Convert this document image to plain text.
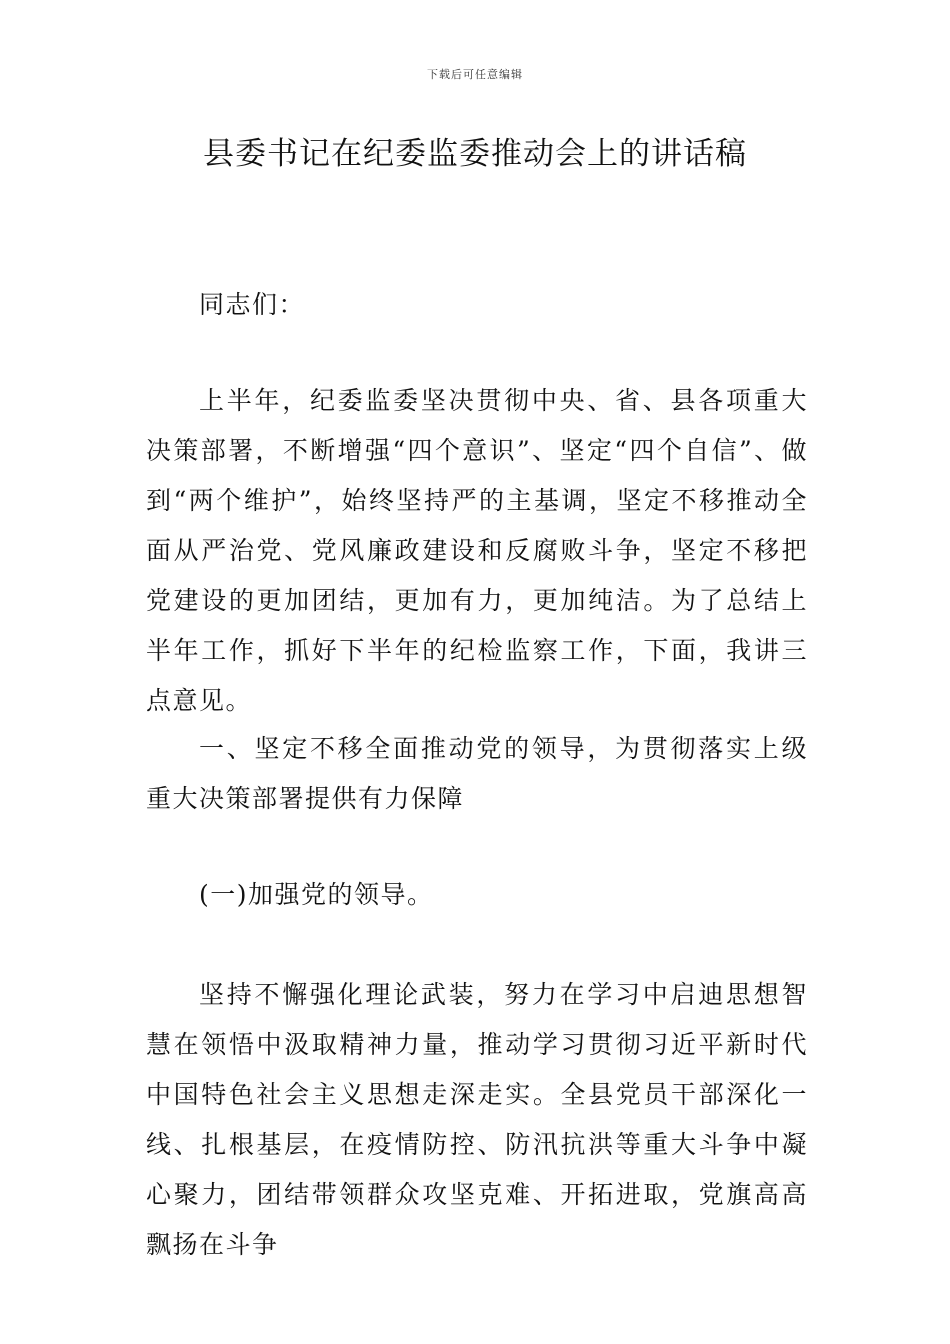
下载后可任意编辑
县委书记在纪委监委推动会上的讲话稿

同志们：

上半年，纪委监委坚决贯彻中央、省、县各项重大决策部署，不断增强“四个意识”、坚定“四个自信”、做到“两个维护”，始终坚持严的主基调，坚定不移推动全面从严治党、党风廉政建设和反腐败斗争，坚定不移把党建设的更加团结，更加有力，更加纯洁。为了总结上半年工作，抓好下半年的纪检监察工作，下面，我讲三点意见。

一、坚定不移全面推动党的领导，为贯彻落实上级重大决策部署提供有力保障

(一)加强党的领导。

坚持不懈强化理论武装，努力在学习中启迪思想智慧在领悟中汲取精神力量，推动学习贯彻习近平新时代中国特色社会主义思想走深走实。全县党员干部深化一线、扎根基层，在疫情防控、防汛抗洪等重大斗争中凝心聚力，团结带领群众攻坚克难、开拓进取，党旗高高飘扬在斗争
